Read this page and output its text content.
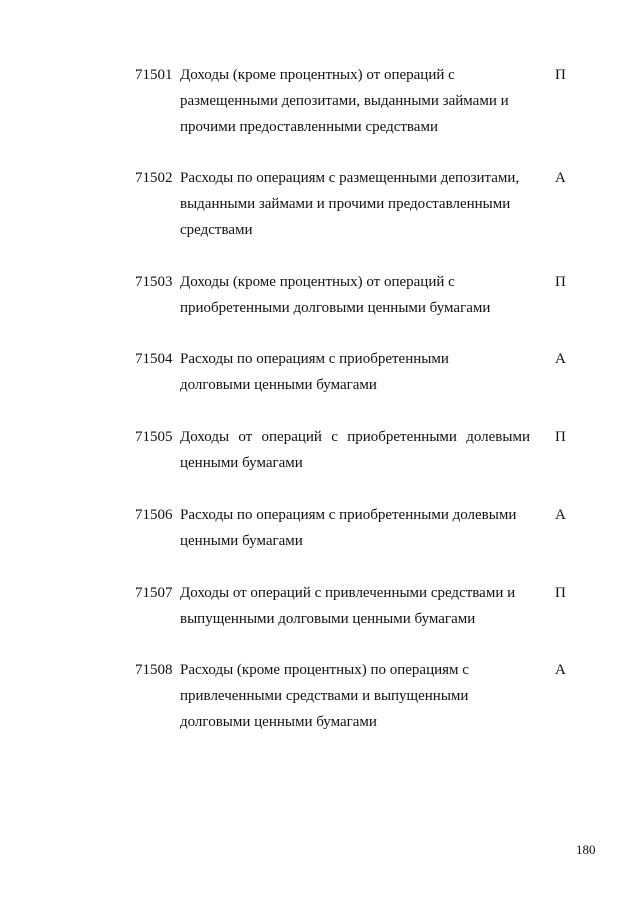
71501 Доходы (кроме процентных) от операций с размещенными депозитами, выданными займами и прочими предоставленными средствами
П
71502 Расходы по операциям с размещенными депозитами, выданными займами и прочими предоставленными средствами
А
71503 Доходы (кроме процентных) от операций с приобретенными долговыми ценными бумагами
П
71504 Расходы по операциям с приобретенными долговыми ценными бумагами
А
71505 Доходы от операций с приобретенными долевыми ценными бумагами
П
71506 Расходы по операциям с приобретенными долевыми ценными бумагами
А
71507 Доходы от операций с привлеченными средствами и выпущенными долговыми ценными бумагами
П
71508 Расходы (кроме процентных) по операциям с привлеченными средствами и выпущенными долговыми ценными бумагами
А
180
